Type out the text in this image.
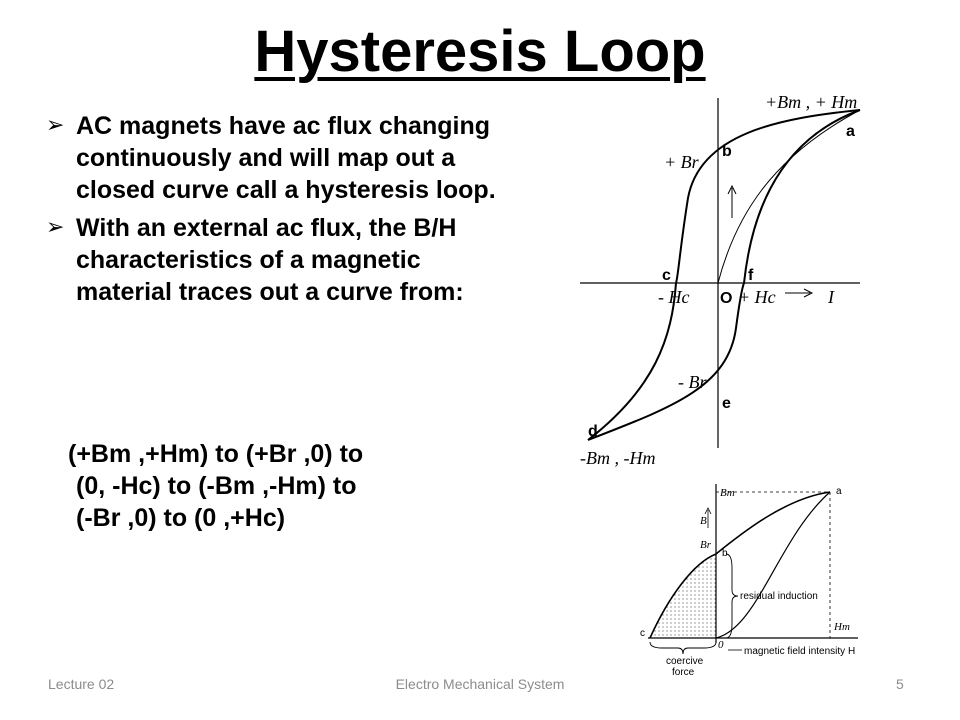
Hysteresis Loop
➢ AC magnets have ac flux changing continuously and will map out a closed curve call a hysteresis loop.
➢ With an external ac flux, the B/H characteristics of a magnetic material traces out a curve from:
(+Bm ,+Hm) to (+Br ,0) to
(0, -Hc) to (-Bm ,-Hm) to
(-Br ,0) to (0 ,+Hc)
+Bm , + Hm
a
b
+ Br
c	f
- Hc O + Hc	I
- Br
e
d
-Bm , -Hm
Bm	a
B
Br
b
residual induction
Hm
c
0
magnetic field intensity H
coercive
force
Lecture 02	Electro Mechanical System	5
